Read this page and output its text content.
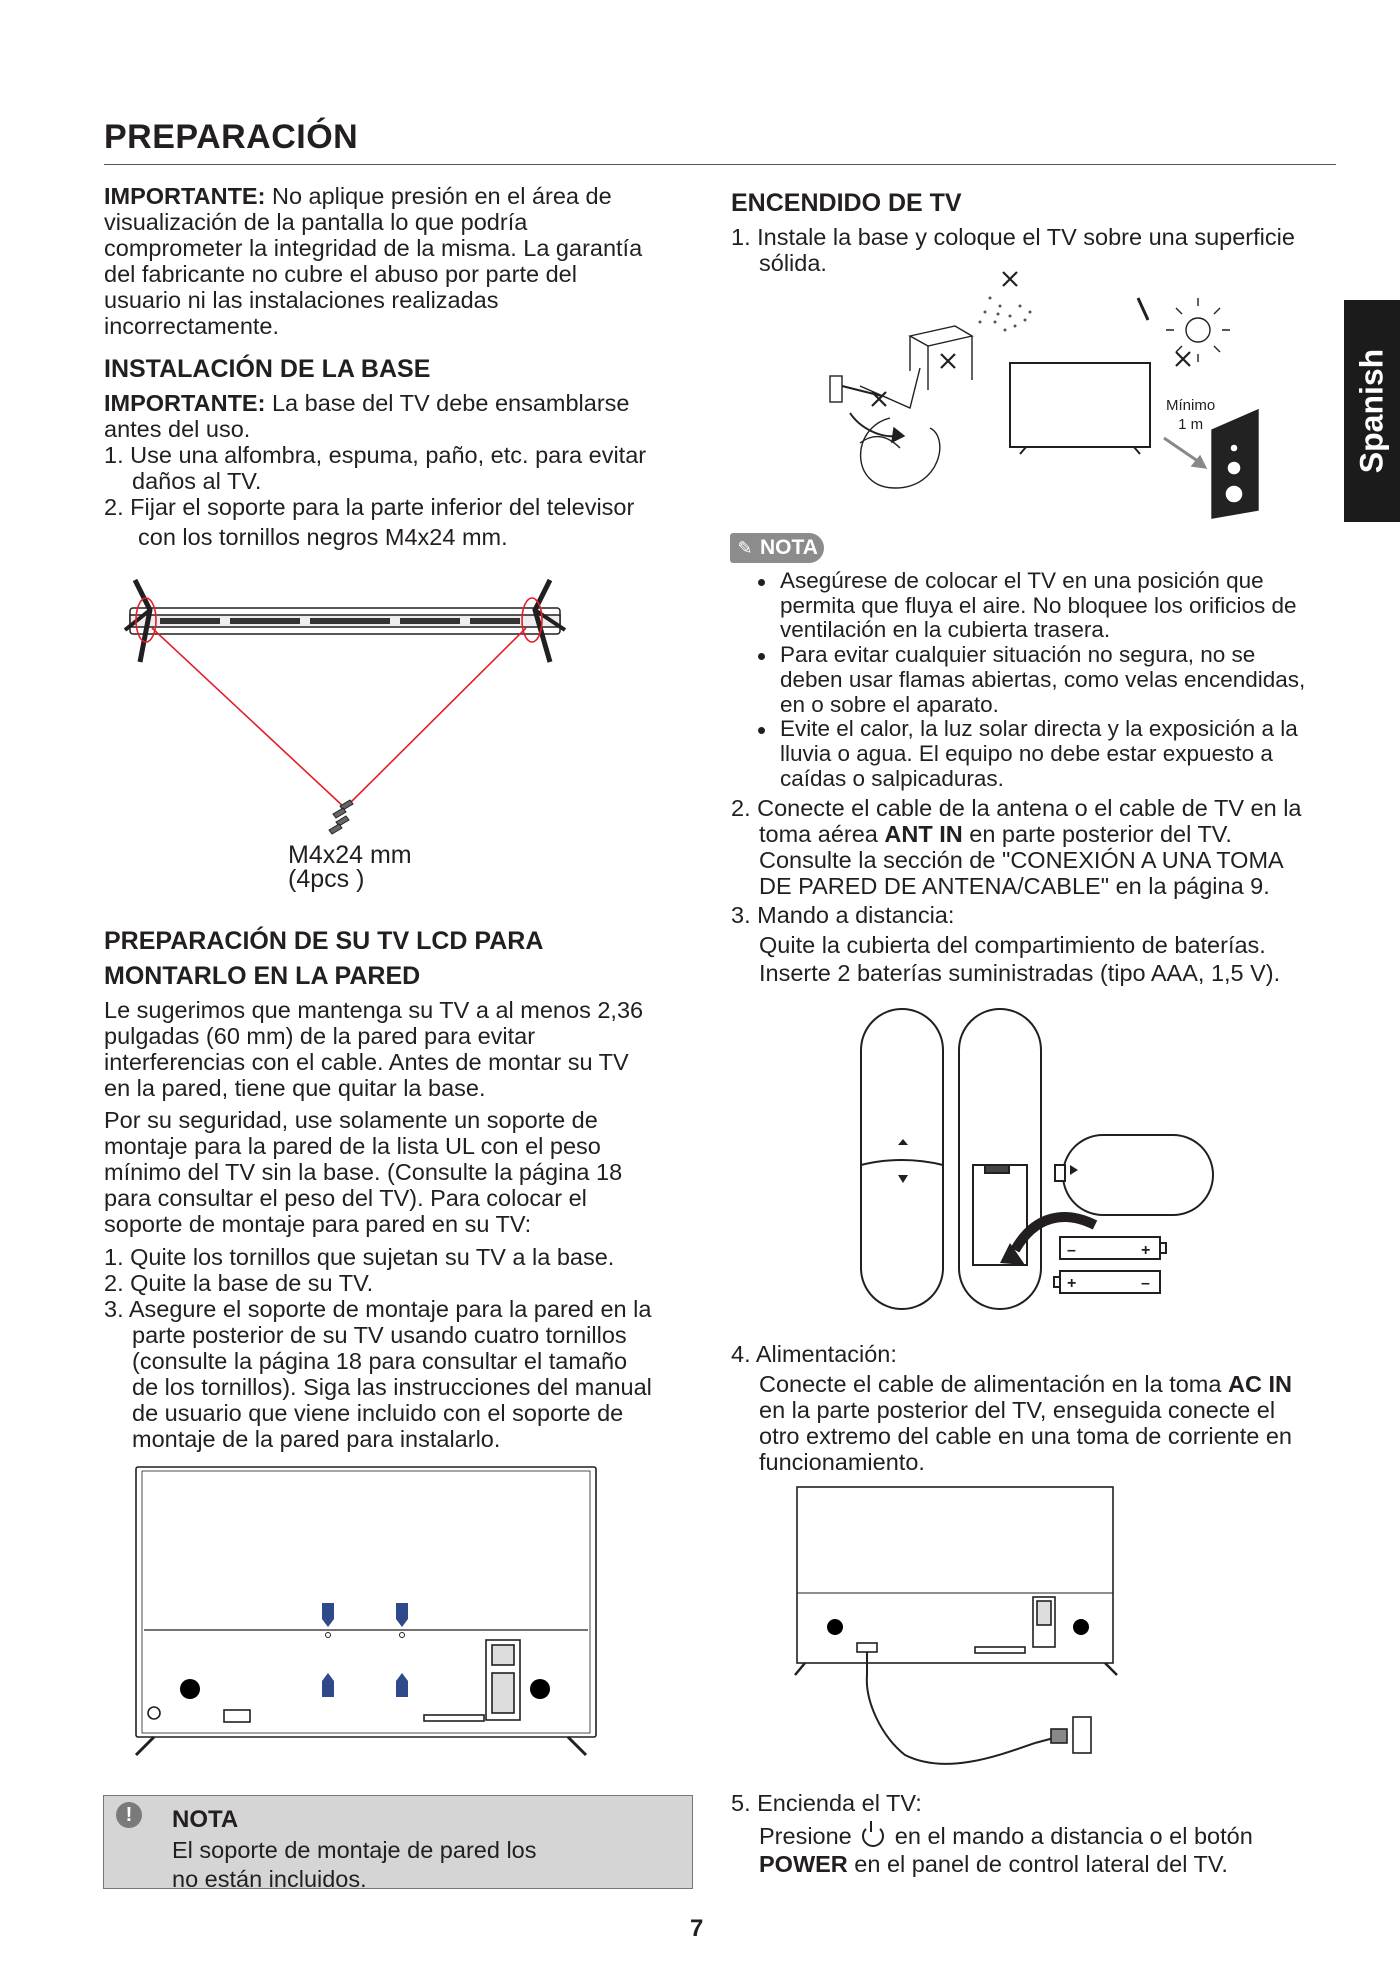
PREPARACIÓN
Spanish

IMPORTANTE: No aplique presión en el área de

visualización de la pantalla lo que podría

comprometer la integridad de la misma. La garantía

del fabricante no cubre el abuso por parte del

usuario ni las instalaciones realizadas

incorrectamente.

INSTALACIÓN DE LA BASE

IMPORTANTE: La base del TV debe ensamblarse

antes del uso.

1. Use una alfombra, espuma, paño, etc. para evitar

daños al TV.

2. Fijar el soporte para la parte inferior del televisor

con los tornillos negros M4x24 mm.

M4x24 mm
(4pcs )
PREPARACIÓN DE SU TV LCD PARA
MONTARLO EN LA PARED

Le sugerimos que mantenga su TV a al menos 2,36

pulgadas (60 mm) de la pared para evitar

interferencias con el cable. Antes de montar su TV

en la pared, tiene que quitar la base.

Por su seguridad, use solamente un soporte de

montaje para la pared de la lista UL con el peso

mínimo del TV sin la base. (Consulte la página 18

para consultar el peso del TV). Para colocar el

soporte de montaje para pared en su TV:

1. Quite los tornillos que sujetan su TV a la base.

2. Quite la base de su TV.

3. Asegure el soporte de montaje para la pared en la

parte posterior de su TV usando cuatro tornillos

(consulte la página 18 para consultar el tamaño

de los tornillos). Siga las instrucciones del manual

de usuario que viene incluido con el soporte de

montaje de la pared para instalarlo.

!	NOTA
El soporte de montaje de pared los
no están incluidos.
ENCENDIDO DE TV

1. Instale la base y coloque el TV sobre una superficie

sólida.

Mínimo
1 m
✎ NOTA
Asegúrese de colocar el TV en una posición que
permita que fluya el aire. No bloquee los orificios de
ventilación en la cubierta trasera.
Para evitar cualquier situación no segura, no se
deben usar flamas abiertas, como velas encendidas,
en o sobre el aparato.
Evite el calor, la luz solar directa y la exposición a la
lluvia o agua. El equipo no debe estar expuesto a
caídas o salpicaduras.

2. Conecte el cable de la antena o el cable de TV en la

toma aérea ANT IN en parte posterior del TV.

Consulte la sección de "CONEXIÓN A UNA TOMA

DE PARED DE ANTENA/CABLE" en la página 9.

3. Mando a distancia:

Quite la cubierta del compartimiento de baterías.

Inserte 2 baterías suministradas (tipo AAA, 1,5 V).

–	+
+	–

4. Alimentación:

Conecte el cable de alimentación en la toma AC IN

en la parte posterior del TV, enseguida conecte el

otro extremo del cable en una toma de corriente en

funcionamiento.

5. Encienda el TV:

Presione
en el mando a distancia o el botón

POWER en el panel de control lateral del TV.

7
